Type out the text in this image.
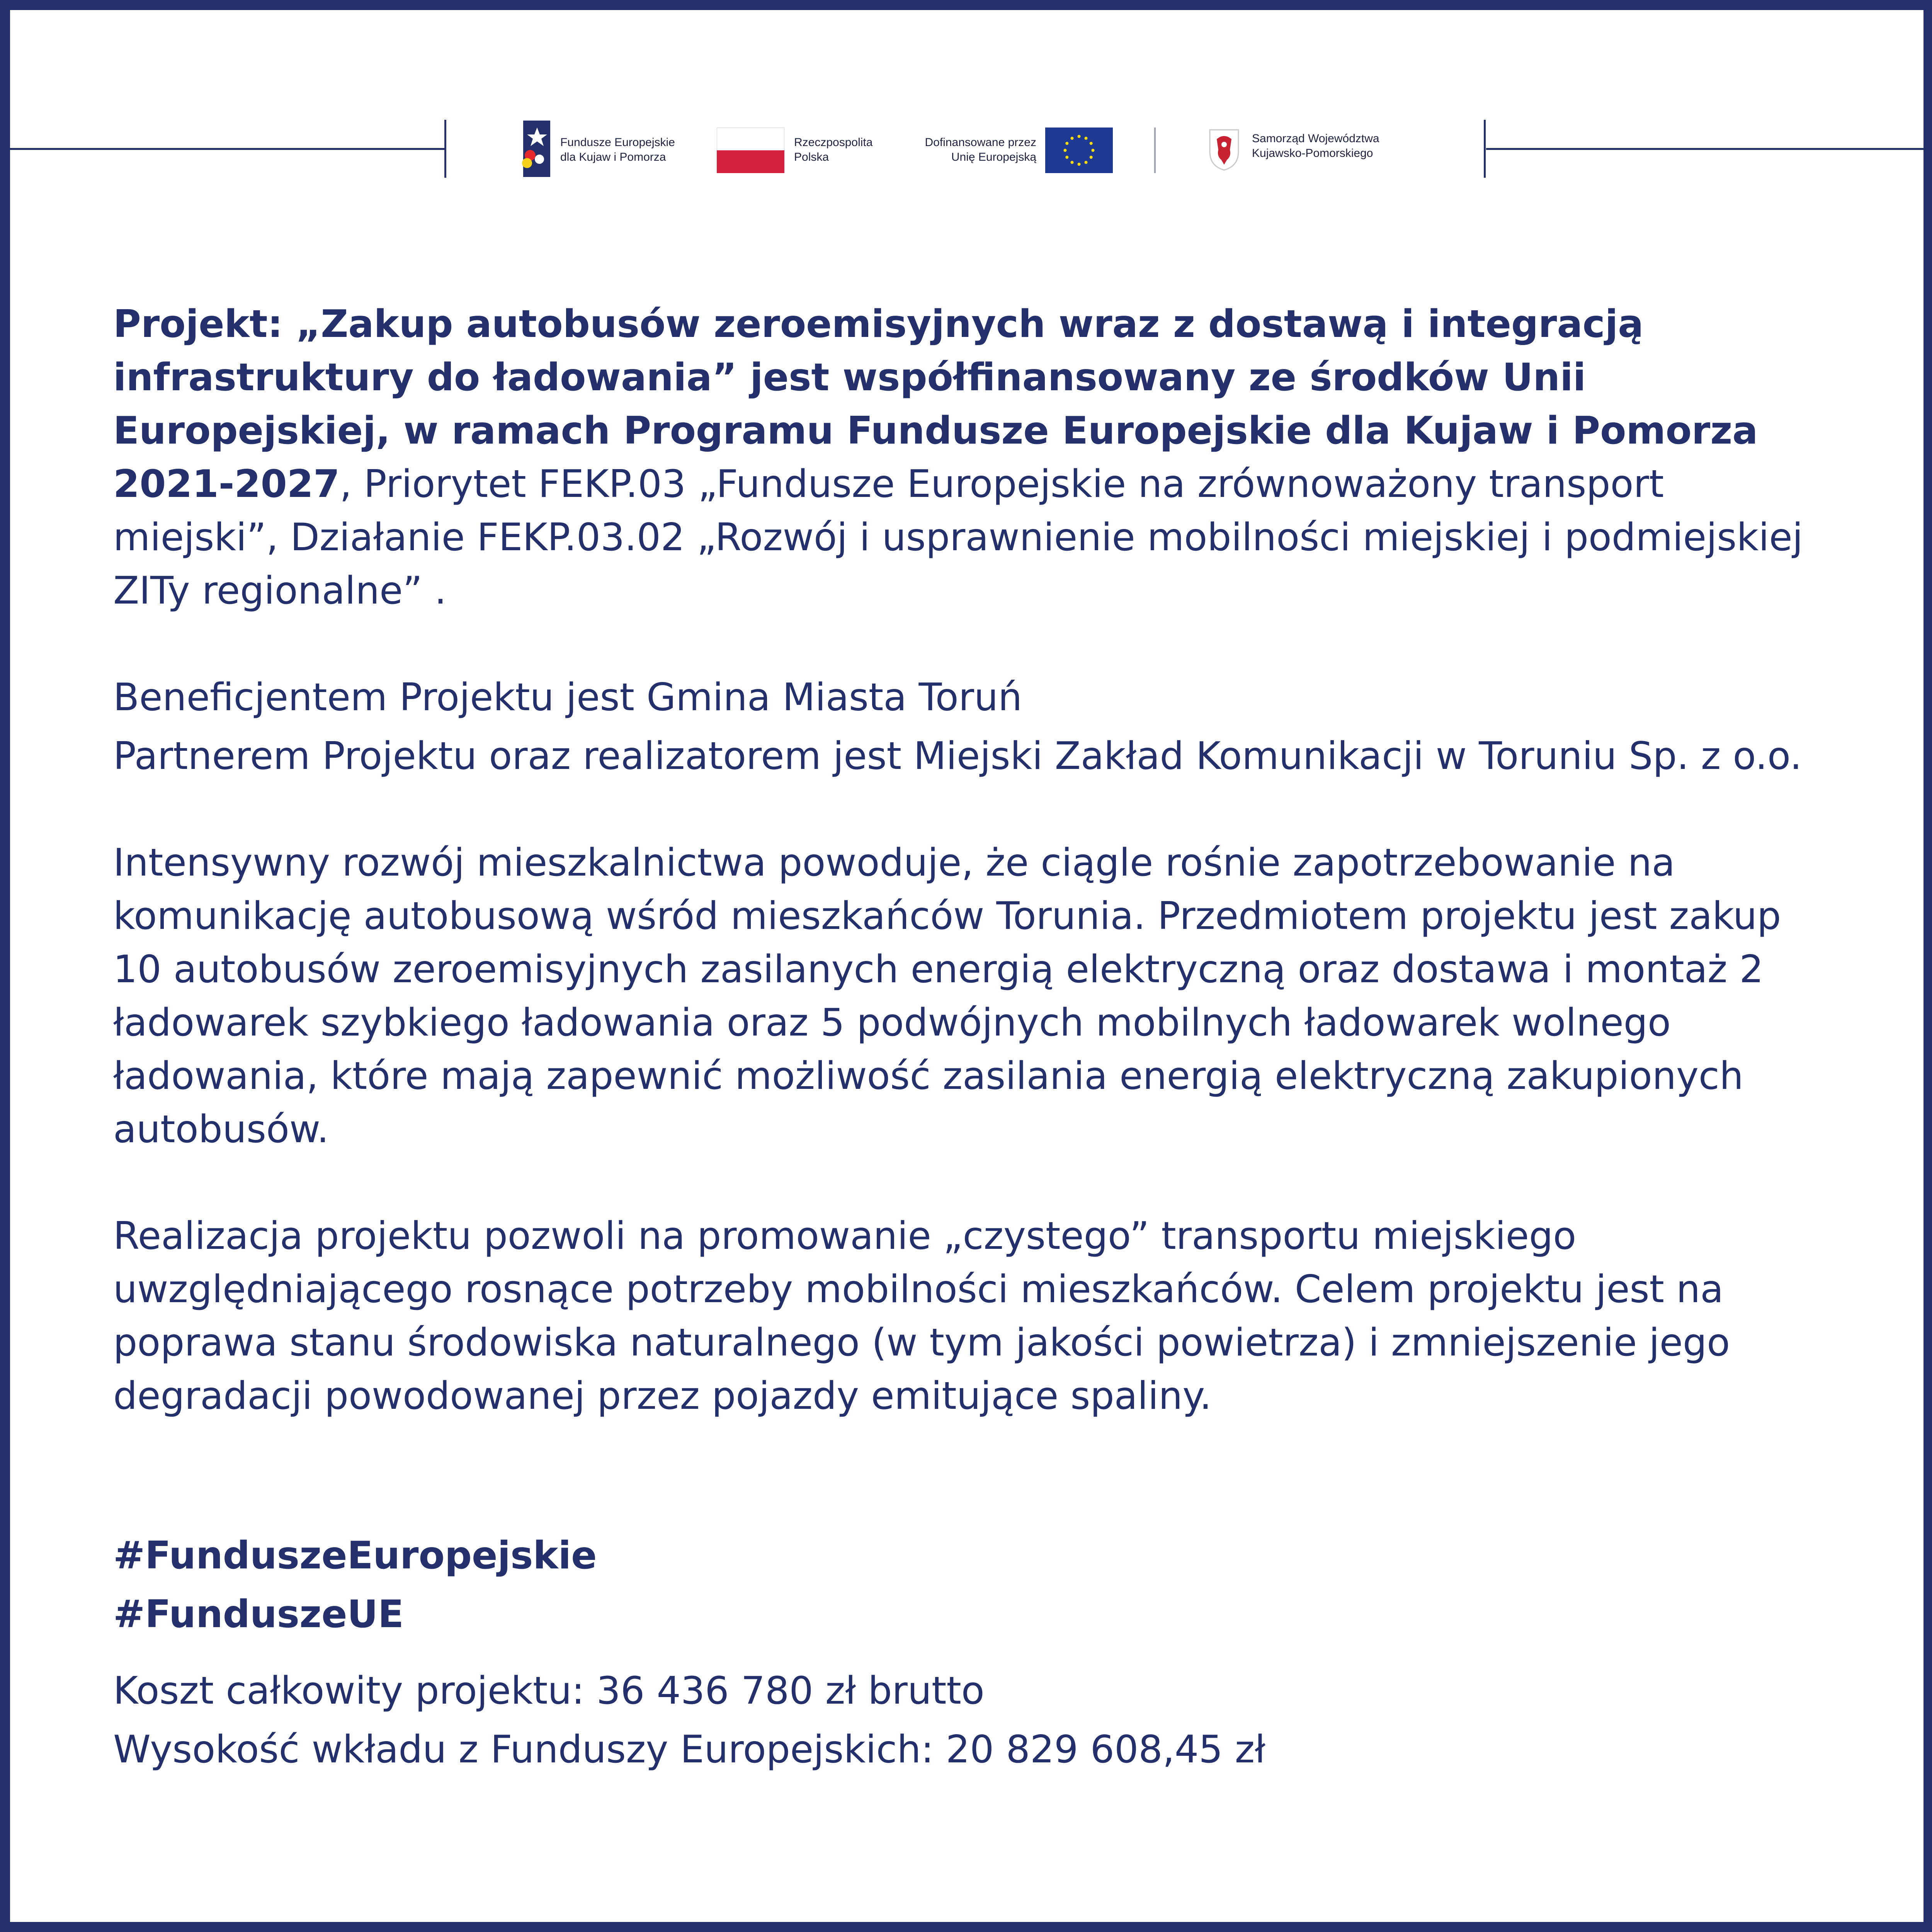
Fundusze Europejskie
dla Kujaw i Pomorza
Rzeczpospolita
Polska
Dofinansowane przez
Unię Europejską
Samorząd Województwa
Kujawsko-Pomorskiego

Projekt: „Zakup autobusów zeroemisyjnych wraz z dostawą i integracją infrastruktury do ładowania” jest współfinansowany ze środków Unii Europejskiej, w ramach Programu Fundusze Europejskie dla Kujaw i Pomorza 2021-2027, Priorytet FEKP.03 „Fundusze Europejskie na zrównoważony transport miejski”, Działanie FEKP.03.02 „Rozwój i usprawnienie mobilności miejskiej i podmiejskiej ZITy regionalne” .

Beneficjentem Projektu jest Gmina Miasta Toruń

Partnerem Projektu oraz realizatorem jest Miejski Zakład Komunikacji w Toruniu Sp. z o.o.

Intensywny rozwój mieszkalnictwa powoduje, że ciągle rośnie zapotrzebowanie na komunikację autobusową wśród mieszkańców Torunia. Przedmiotem projektu jest zakup 10 autobusów zeroemisyjnych zasilanych energią elektryczną oraz dostawa i montaż 2 ładowarek szybkiego ładowania oraz 5 podwójnych mobilnych ładowarek wolnego ładowania, które mają zapewnić możliwość zasilania energią elektryczną zakupionych autobusów.

Realizacja projektu pozwoli na promowanie „czystego” transportu miejskiego uwzględniającego rosnące potrzeby mobilności mieszkańców. Celem projektu jest na poprawa stanu środowiska naturalnego (w tym jakości powietrza) i zmniejszenie jego degradacji powodowanej przez pojazdy emitujące spaliny.

#FunduszeEuropejskie

#FunduszeUE

Koszt całkowity projektu: 36 436 780 zł brutto

Wysokość wkładu z Funduszy Europejskich: 20 829 608,45 zł
